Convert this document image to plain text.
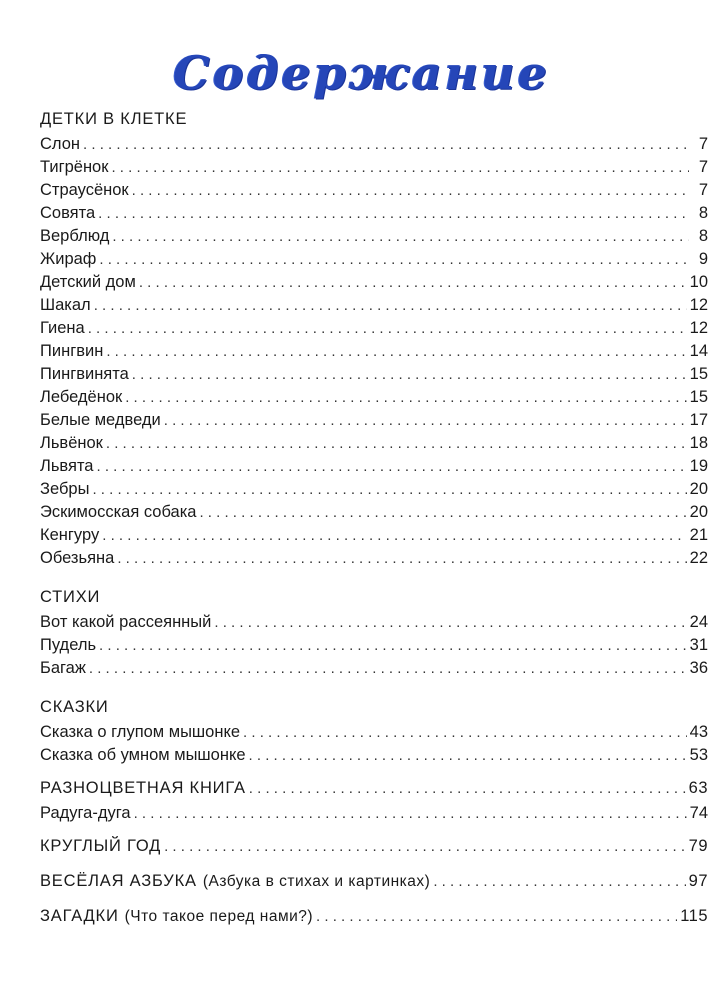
Содержание
ДЕТКИ В КЛЕТКЕ
Слон . . .	7
Тигрёнок . . .	7
Страусёнок . . .	7
Совята . . .	8
Верблюд . . .	8
Жираф . . .	9
Детский дом . . .	10
Шакал . . .	12
Гиена . . .	12
Пингвин . . .	14
Пингвинята . . .	15
Лебедёнок . . .	15
Белые медведи . . .	17
Львёнок . . .	18
Львята . . .	19
Зебры . . .	20
Эскимосская собака . . .	20
Кенгуру . . .	21
Обезьяна . . .	22
СТИХИ
Вот какой рассеянный . . .	24
Пудель . . .	31
Багаж . . .	36
СКАЗКИ
Сказка о глупом мышонке . . .	43
Сказка об умном мышонке . . .	53
РАЗНОЦВЕТНАЯ КНИГА . . .	63
Радуга-дуга . . .	74
КРУГЛЫЙ ГОД . . .	79
ВЕСЁЛАЯ АЗБУКА (Азбука в стихах и картинках) . . .	97
ЗАГАДКИ (Что такое перед нами?) . . .	115
